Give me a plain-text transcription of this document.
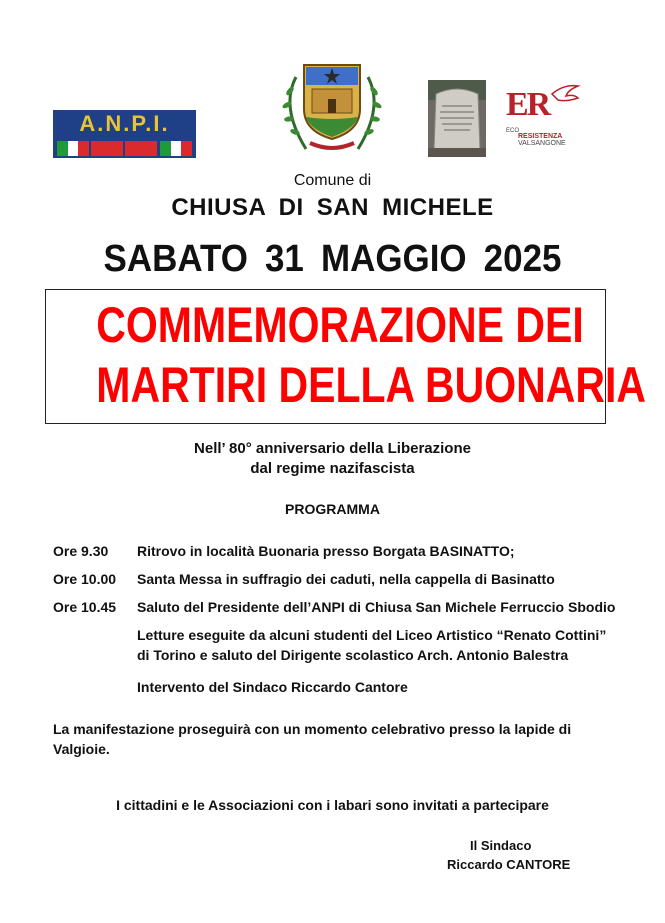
A.N.P.I.
ER
ECO
RESISTENZA
VALSANGONE
Comune di
CHIUSA DI SAN MICHELE
SABATO 31 MAGGIO 2025
COMMEMORAZIONE DEI
MARTIRI DELLA BUONARIA
Nell’ 80° anniversario della Liberazione
dal regime nazifascista
PROGRAMMA
Ore 9.30 Ritrovo in località Buonaria presso Borgata BASINATTO;
Ore 10.00 Santa Messa in suffragio dei caduti, nella cappella di Basinatto
Ore 10.45 Saluto del Presidente dell’ANPI di Chiusa San Michele Ferruccio Sbodio
Letture eseguite da alcuni studenti del Liceo Artistico “Renato Cottini”
di Torino e saluto del Dirigente scolastico Arch. Antonio Balestra
Intervento del Sindaco Riccardo Cantore
La manifestazione proseguirà con un momento celebrativo presso la lapide di
Valgioie.
I cittadini e le Associazioni con i labari sono invitati a partecipare
Il Sindaco
Riccardo CANTORE
